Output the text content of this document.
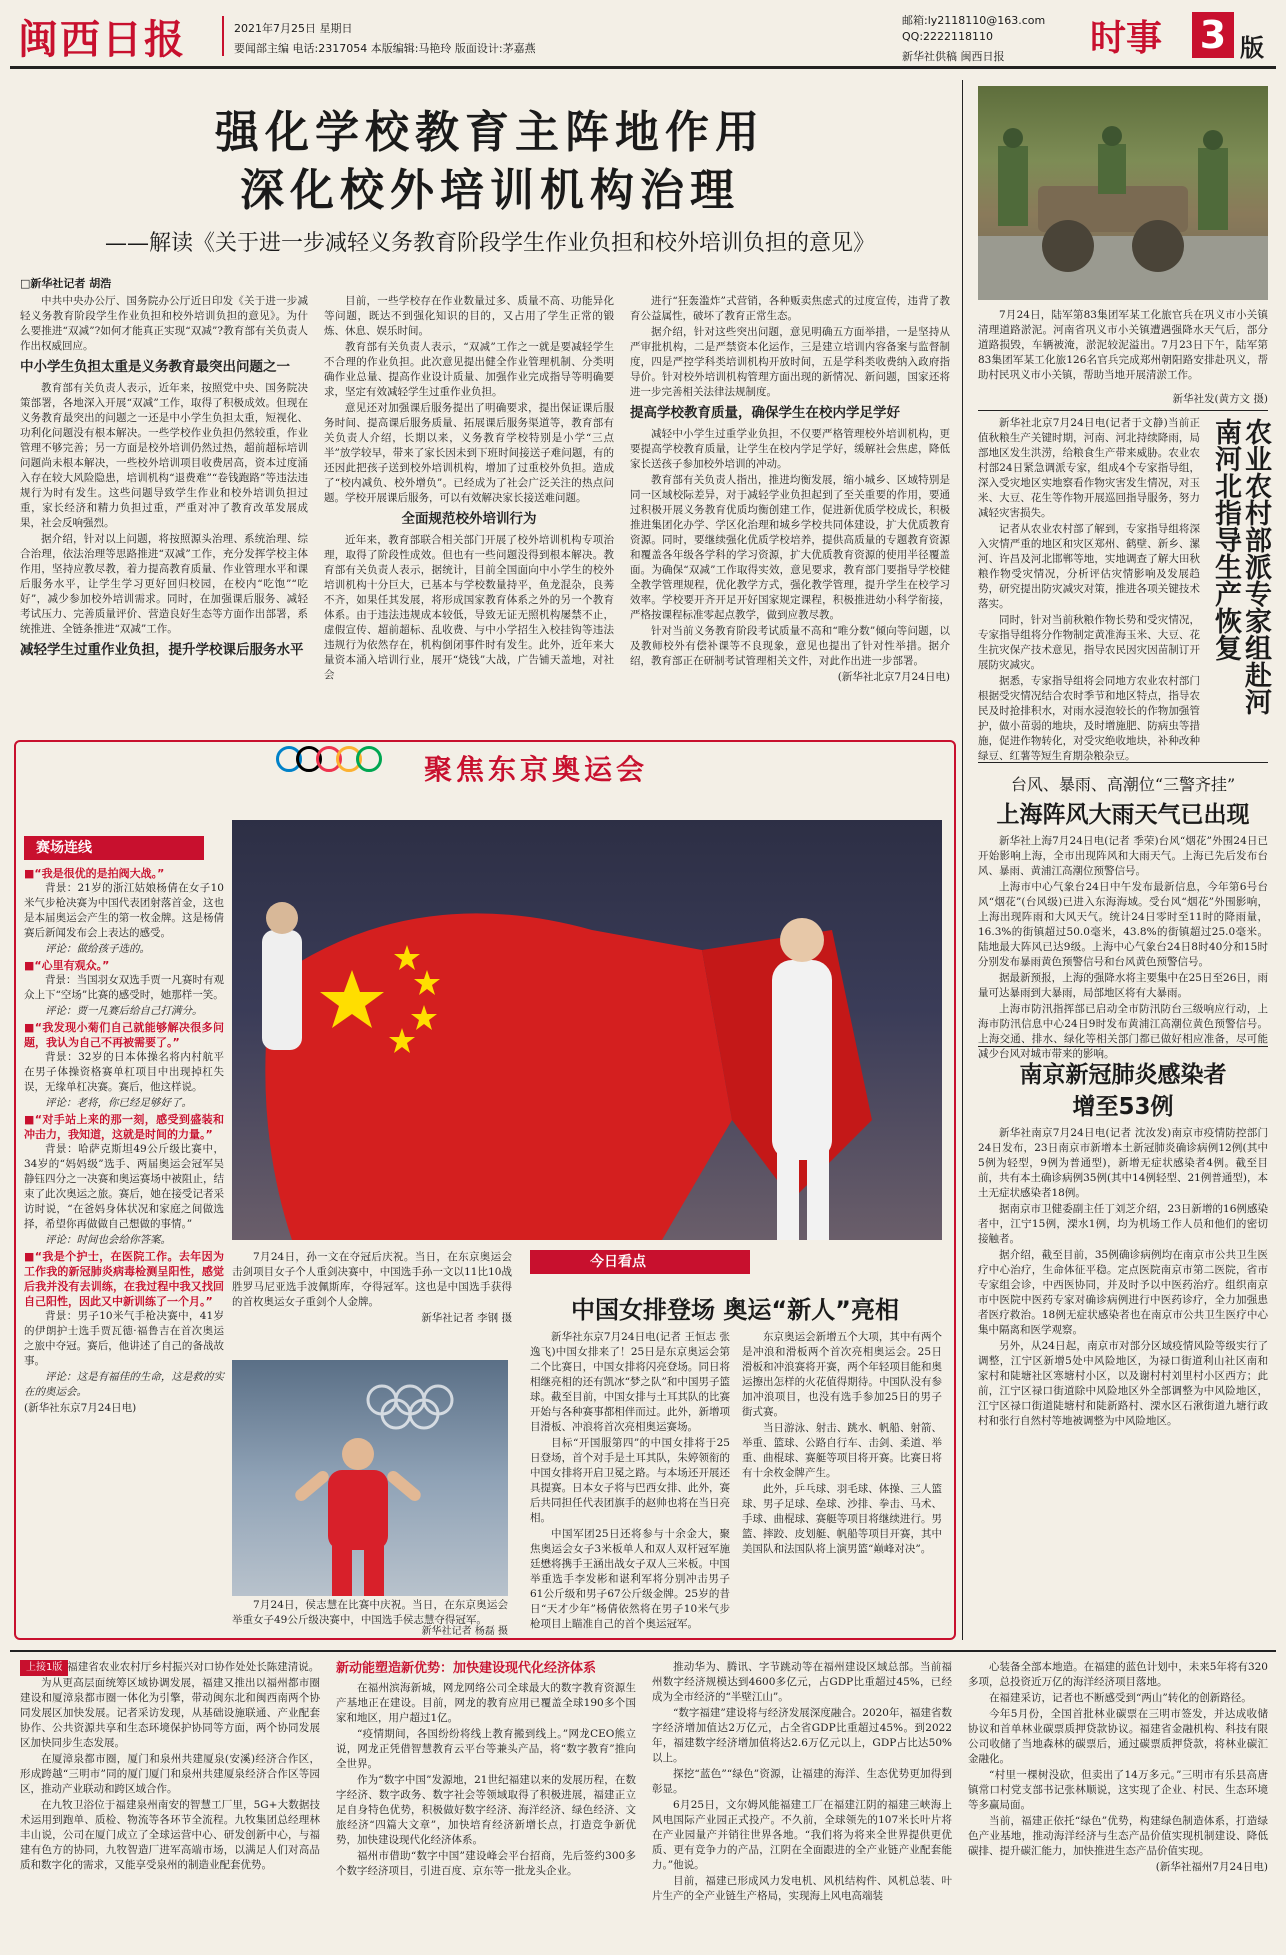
闽西日报	2021年7月25日 星期日
要闻部主编 电话:2317054 本版编辑:马艳玲 版面设计:茅嘉燕
邮箱:ly2118110@163.com
QQ:2222118110
新华社供稿 闽西日报 时事 3 版
强化学校教育主阵地作用
深化校外培训机构治理
——解读《关于进一步减轻义务教育阶段学生作业负担和校外培训负担的意见》
□新华社记者 胡浩

中共中央办公厅、国务院办公厅近日印发《关于进一步减轻义务教育阶段学生作业负担和校外培训负担的意见》。为什么要推进“双减”?如何才能真正实现“双减”?教育部有关负责人作出权威回应。

中小学生负担太重是义务教育最突出问题之一

教育部有关负责人表示，近年来，按照党中央、国务院决策部署，各地深入开展“双减”工作，取得了积极成效。但现在义务教育最突出的问题之一还是中小学生负担太重，短视化、功利化问题没有根本解决。一些学校作业负担仍然较重，作业管理不够完善；另一方面是校外培训仍然过热，超前超标培训问题尚未根本解决，一些校外培训项目收费居高，资本过度涌入存在较大风险隐患，培训机构“退费难”“卷钱跑路”等违法违规行为时有发生。这些问题导致学生作业和校外培训负担过重，家长经济和精力负担过重，严重对冲了教育改革发展成果，社会反响强烈。

据介绍，针对以上问题，将按照源头治理、系统治理、综合治理，依法治理等思路推进“双减”工作，充分发挥学校主体作用，坚持应教尽教，着力提高教育质量、作业管理水平和课后服务水平，让学生学习更好回归校园，在校内“吃饱”“吃好”，减少参加校外培训需求。同时，在加强课后服务、减轻考试压力、完善质量评价、营造良好生态等方面作出部署，系统推进、全链条推进“双减”工作。

减轻学生过重作业负担，提升学校课后服务水平

目前，一些学校存在作业数量过多、质量不高、功能异化等问题，既达不到强化知识的目的，又占用了学生正常的锻炼、休息、娱乐时间。

教育部有关负责人表示，“双减”工作之一就是要减轻学生不合理的作业负担。此次意见提出健全作业管理机制、分类明确作业总量、提高作业设计质量、加强作业完成指导等明确要求，坚定有效减轻学生过重作业负担。

意见还对加强课后服务提出了明确要求，提出保证课后服务时间、提高课后服务质量、拓展课后服务渠道等，教育部有关负责人介绍，长期以来，义务教育学校特别是小学“三点半”放学较早，带来了家长因未到下班时间接送子难问题，有的还因此把孩子送到校外培训机构，增加了过重校外负担。造成了“校内减负、校外增负”。已经成为了社会广泛关注的热点问题。学校开展课后服务，可以有效解决家长接送难问题。

全面规范校外培训行为

近年来，教育部联合相关部门开展了校外培训机构专项治理，取得了阶段性成效。但也有一些问题没得到根本解决。教育部有关负责人表示，据统计，目前全国面向中小学生的校外培训机构十分巨大，已基本与学校数量持平，鱼龙混杂，良莠不齐，如果任其发展，将形成国家教育体系之外的另一个教育体系。由于违法违规成本较低，导致无证无照机构屡禁不止，虚假宣传、超前超标、乱收费、与中小学招生入校挂钩等违法违规行为依然存在，机构倒闭事件时有发生。此外，近年来大量资本涌入培训行业，展开“烧钱”大战，广告铺天盖地，对社会

进行“狂轰滥炸”式营销，各种贩卖焦虑式的过度宣传，违背了教育公益属性，破坏了教育正常生态。

据介绍，针对这些突出问题，意见明确五方面举措，一是坚持从严审批机构，二是严禁资本化运作，三是建立培训内容备案与监督制度，四是严控学科类培训机构开放时间，五是学科类收费纳入政府指导价。针对校外培训机构管理方面出现的新情况、新问题，国家还将进一步完善相关法律法规制度。

提高学校教育质量，确保学生在校内学足学好

减轻中小学生过重学业负担，不仅要严格管理校外培训机构，更要提高学校教育质量，让学生在校内学足学好，缓解社会焦虑，降低家长送孩子参加校外培训的冲动。

教育部有关负责人指出，推进均衡发展，缩小城乡、区域特别是同一区域校际差异，对于减轻学业负担起到了至关重要的作用，要通过积极开展义务教育优质均衡创建工作，促进新优质学校成长，积极推进集团化办学、学区化治理和城乡学校共同体建设，扩大优质教育资源。同时，要继续强化优质学校培养，提供高质量的专题教育资源和覆盖各年级各学科的学习资源，扩大优质教育资源的使用半径覆盖面。为确保“双减”工作取得实效，意见要求，教育部门要指导学校健全教学管理规程，优化教学方式，强化教学管理，提升学生在校学习效率。学校要开齐开足开好国家规定课程，积极推进幼小科学衔接，严格按课程标准零起点教学，做到应教尽教。

针对当前义务教育阶段考试质量不高和“唯分数”倾向等问题，以及教师校外有偿补课等不良现象，意见也提出了针对性举措。据介绍，教育部正在研制考试管理相关文件，对此作出进一步部署。

(新华社北京7月24日电)

7月24日，陆军第83集团军某工化旅官兵在巩义市小关镇清理道路淤泥。河南省巩义市小关镇遭遇强降水天气后，部分道路损毁，车辆被淹，淤泥较泥溢出。7月23日下午，陆军第83集团军某工化旅126名官兵完成郑州朝阳路安排赴巩义，帮助村民巩义市小关镇，帮助当地开展清淤工作。

新华社发(黄方文 摄)
农业农村部派专家组赴河南河北指导生产恢复

新华社北京7月24日电(记者于文静)当前正值秋粮生产关键时期，河南、河北持续降雨，局部地区发生洪涝，给粮食生产带来威胁。农业农村部24日紧急调派专家，组成4个专家指导组，深入受灾地区实地察看作物灾害发生情况，对玉米、大豆、花生等作物开展巡回指导服务，努力减轻灾害损失。

记者从农业农村部了解到，专家指导组将深入灾情严重的地区和灾区郑州、鹤壁、新乡、漯河、许昌及河北邯郸等地，实地调查了解大田秋粮作物受灾情况，分析评估灾情影响及发展趋势，研究提出防灾减灾对策，推进各项关键技术落实。

同时，针对当前秋粮作物长势和受灾情况，专家指导组将分作物制定黄准海玉米、大豆、花生抗灾保产技术意见，指导农民因灾因苗制订开展防灾减灾。

据悉，专家指导组将会同地方农业农村部门根据受灾情况结合农时季节和地区特点，指导农民及时抢排积水，对雨水浸泡较长的作物加强管护，做小苗弱的地块，及时增施肥、防病虫等措施，促进作物转化，对受灾绝收地块，补种改种绿豆、红薯等短生育期杂粮杂豆。

台风、暴雨、高潮位“三警齐挂”
上海阵风大雨天气已出现

新华社上海7月24日电(记者 季荣)台风“烟花”外围24日已开始影响上海，全市出现阵风和大雨天气。上海已先后发布台风、暴雨、黄浦江高潮位预警信号。

上海市中心气象台24日中午发布最新信息，今年第6号台风“烟花”(台风级)已进入东海海域。受台风“烟花”外围影响，上海出现阵雨和大风天气。统计24日零时至11时的降雨量，16.3%的街镇超过50.0毫米，43.8%的街镇超过25.0毫米。陆地最大阵风已达9级。上海中心气象台24日8时40分和15时分别发布暴雨黄色预警信号和台风黄色预警信号。

据最新预报，上海的强降水将主要集中在25日至26日，雨量可达暴雨到大暴雨，局部地区将有大暴雨。

上海市防汛指挥部已启动全市防汛防台三级响应行动，上海市防汛信息中心24日9时发布黄浦江高潮位黄色预警信号。上海交通、排水、绿化等相关部门都已做好相应准备，尽可能减少台风对城市带来的影响。

南京新冠肺炎感染者
增至53例

新华社南京7月24日电(记者 沈汝发)南京市疫情防控部门24日发布，23日南京市新增本土新冠肺炎确诊病例12例(其中5例为轻型，9例为普通型)，新增无症状感染者4例。截至目前，共有本土确诊病例35例(其中14例轻型、21例普通型)，本土无症状感染者18例。

据南京市卫健委副主任丁刘芝介绍，23日新增的16例感染者中，江宁15例，溧水1例，均为机场工作人员和他们的密切接触者。

据介绍，截至目前，35例确诊病例均在南京市公共卫生医疗中心治疗，生命体征平稳。定点医院南京市第二医院，省市专家组会诊，中西医协同，并及时予以中医药治疗。组织南京市中医院中医药专家对确诊病例进行中医药诊疗，全力加强患者医疗救治。18例无症状感染者也在南京市公共卫生医疗中心集中隔离和医学观察。

另外，从24日起，南京市对部分区域疫情风险等级实行了调整，江宁区新增5处中风险地区，为禄口街道利山社区南和家村和陡塘社区寒塘村小区，以及谢村村刘里村小区西方；此前，江宁区禄口街道除中风险地区外全部调整为中风险地区，江宁区禄口街道陡塘村和陡新路村、溧水区石湫街道九塘行政村和张行自然村等地被调整为中风险地区。

聚焦东京奥运会
赛场连线
■“我是很优的是拍阀大战。”

背景：21岁的浙江姑娘杨倩在女子10米气步枪决赛为中国代表团射落首金，这也是本届奥运会产生的第一枚金牌。这是杨倩赛后新闻发布会上表达的感受。

评论：做给孩子选的。

■“心里有观众。”

背景：当国羽女双选手贾一凡赛时有观众上下“空场”比赛的感受时，她那样一笑。

评论：贾一凡赛后给自己打满分。

■“我发现小菊们自己就能够解决很多问题，我认为自己不再被需要了。”

背景：32岁的日本体操名将内村航平在男子体操资格赛单杠项目中出现掉杠失误，无缘单杠决赛。赛后，他这样说。

评论：老将，你已经足够好了。

■“对手站上来的那一刻，感受到盛装和冲击力，我知道，这就是时间的力量。”

背景：哈萨克斯坦49公斤级比赛中，34岁的“妈妈级”选手、两届奥运会冠军吴静钰四分之一决赛和奥运赛场中被阻止，结束了此次奥运之旅。赛后，她在接受记者采访时说，“在爸妈身体状况和家庭之间做选择，希望你再做做自己想做的事情。”

评论：时间也会给你答案。

■“我是个护士，在医院工作。去年因为工作我的新冠肺炎病毒检测呈阳性，感觉后我并没有去训练，在我过程中我又找回自己阳性，因此又中新训练了一个月。”

背景：男子10米气手枪决赛中，41岁的伊朗护士选手贾瓦德·福鲁吉在首次奥运之旅中夺冠。赛后，他讲述了自己的备战故事。

评论：这是有福佳的生命，这是救的实在的奥运会。

(新华社东京7月24日电)

7月24日，孙一文在夺冠后庆祝。当日，在东京奥运会击剑项目女子个人重剑决赛中，中国选手孙一文以11比10战胜罗马尼亚选手波佩斯库，夺得冠军。这也是中国选手获得的首枚奥运女子重剑个人金牌。

新华社记者 李钢 摄

7月24日，侯志慧在比赛中庆祝。当日，在东京奥运会举重女子49公斤级决赛中，中国选手侯志慧夺得冠军。

新华社记者 杨磊 摄
今日看点
中国女排登场 奥运“新人”亮相

新华社东京7月24日电(记者 王恒志 张逸飞)中国女排来了！25日是东京奥运会第二个比赛日，中国女排将闪亮登场。同日将相继亮相的还有凯冰“梦之队”和中国男子篮球。截至目前，中国女排与土耳其队的比赛开始与各种赛事都相伴而过。此外，新增项目滑板、冲浪将首次亮相奥运赛场。

目标“开国服第四”的中国女排将于25日登场，首个对手是土耳其队，朱婷领衔的中国女排将开启卫冕之路。与本场还开展还具提赛。日本女子将与巴西女排、此外，赛后共同担任代表团旗手的赵帅也将在当日亮相。

中国军团25日还将参与十余金大，聚焦奥运会女子3米板单人和双人双杆冠军施廷懋将携手王涵出战女子双人三米板。中国举重选手李发彬和谌利军将分别冲击男子61公斤级和男子67公斤级金牌。25岁的昔日“天才少年”杨倩依然将在男子10米气步枪项目上瞄准自己的首个奥运冠军。

东京奥运会新增五个大项，其中有两个是冲浪和滑板两个首次亮相奥运会。25日滑板和冲浪赛将开赛，两个年轻项目能和奥运擦出怎样的火花值得期待。中国队没有参加冲浪项目，也没有选手参加25日的男子街式赛。

当日游泳、射击、跳水、帆船、射箭、举重、篮球、公路自行车、击剑、柔道、举重、曲棍球、赛艇等项目将开赛。比赛日将有十余枚金牌产生。

此外，乒乓球、羽毛球、体操、三人篮球、男子足球、垒球、沙排、拳击、马术、手球、曲棍球、赛艇等项目将继续进行。男篮、摔跤、皮划艇、帆船等项目开赛，其中美国队和法国队将上演男篮“巅峰对决”。

上接1版 福建省农业农村厅乡村振兴对口协作处处长陈建清说。

为从更高层面统筹区域协调发展，福建又推出以福州都市圈建设和厦漳泉都市圈一体化为引擎，带动闽东北和闽西南两个协同发展区加快发展。记者采访发现，从基础设施联通、产业配套协作、公共资源共享和生态环境保护协同等方面，两个协同发展区加快同步生态发展。

在厦漳泉都市圈，厦门和泉州共建厦泉(安溪)经济合作区，形成跨越“三明市”同的厦门厦门和泉州共建厦泉经济合作区等园区，推动产业联动和跨区域合作。

在九牧卫浴位于福建泉州南安的智慧工厂里，5G+大数据技术运用到跑单、质检、物流等各环节全流程。九牧集团总经理林丰山说，公司在厦门成立了全球运营中心、研发创新中心，与福建有色方的协同，九牧智造厂进军高端市场，以满足人们对高品质和数字化的需求，又能享受泉州的制造业配套优势。

新动能塑造新优势：加快建设现代化经济体系

在福州滨海新城，网龙网络公司全球最大的数字教育资源生产基地正在建设。目前，网龙的教育应用已覆盖全球190多个国家和地区，用户超过1亿。

“疫情期间，各国纷纷将线上教育搬到线上。”网龙CEO熊立说，网龙正凭借智慧教育云平台等兼头产品，将“数字教育”推向全世界。

作为“数字中国”发源地，21世纪福建以来的发展历程，在数字经济、数字政务、数字社会等领域取得了积极进展，福建正立足自身特色优势，积极做好数字经济、海洋经济、绿色经济、文旅经济“四篇大文章”，加快培育经济新增长点，打造竞争新优势，加快建设现代化经济体系。

福州市借助“数字中国”建设峰会平台招商，先后签约300多个数字经济项目，引进百度、京东等一批龙头企业。

推动华为、腾讯、字节跳动等在福州建设区域总部。当前福州数字经济规模达到4600多亿元，占GDP比重超过45%，已经成为全市经济的“半壁江山”。

“数字福建”建设将与经济发展深度融合。2020年，福建省数字经济增加值达2万亿元，占全省GDP比重超过45%。到2022年，福建数字经济增加值将达2.6万亿元以上，GDP占比达50%以上。

探挖“蓝色”“绿色”资源，让福建的海洋、生态优势更加得到彰显。

6月25日，文尔姆风能福建工厂在福建江阴的福建三峡海上风电国际产业园正式投产。不久前，全球领先的107米长叶片将在产业园量产并销往世界各地。“我们将为将来全世界提供更优质、更有竞争力的产品，江阴在全面跟进的全产业链产业配套能力。”他说。

目前，福建已形成风力发电机、风机结构件、风机总装、叶片生产的全产业链生产格局，实现海上风电高端装

心装备全部本地造。在福建的蓝色计划中，未来5年将有320多项，总投资近万亿的海洋经济项目落地。

在福建采访，记者也不断感受到“两山”转化的创新路径。

今年5月份，全国首批林业碳票在三明市签发，并达成收储协议和首单林业碳票质押贷款协议。福建省金融机构、科技有限公司收储了当地森林的碳票后，通过碳票质押贷款，将林业碳汇金融化。

“村里一棵树没砍，但卖出了14万多元。”三明市有乐县高唐镇常口村党支部书记张林顺说，这实现了企业、村民、生态环境等多赢局面。

当前，福建正依托“绿色”优势，构建绿色制造体系，打造绿色产业基地，推动海洋经济与生态产品价值实现机制建设、降低碳排、提升碳汇能力，加快推进生态产品价值实现。

(新华社福州7月24日电)
